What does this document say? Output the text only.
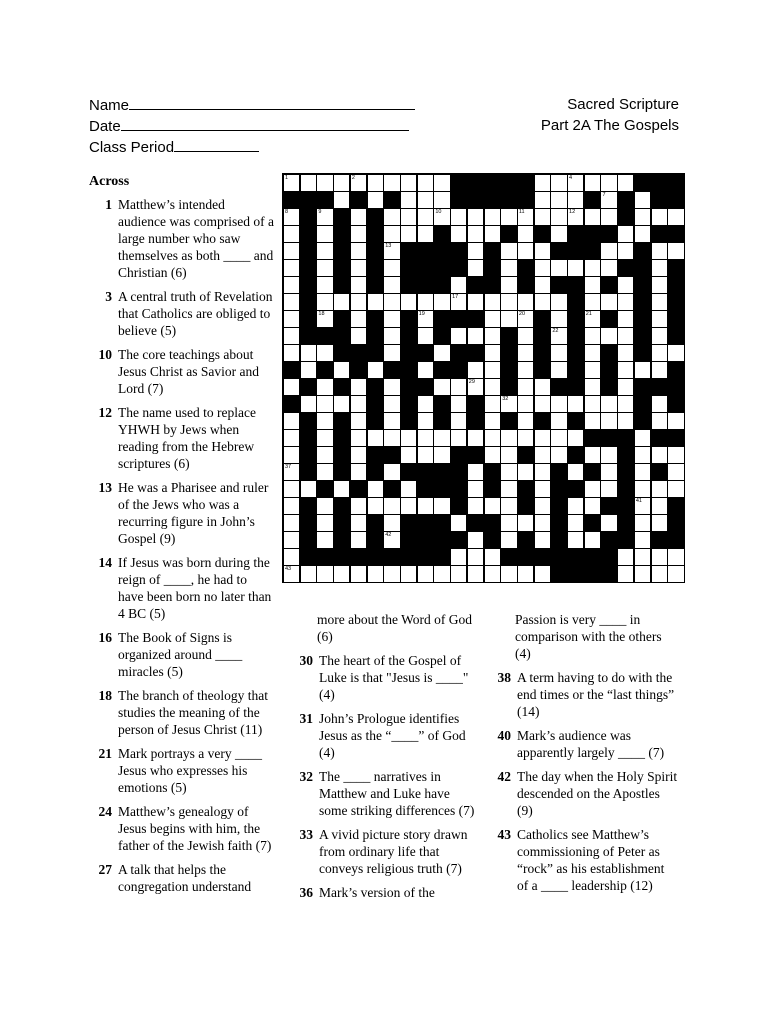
Name
Date
Class Period
Sacred Scripture
Part 2A The Gospels
Across
1 Matthew’s intended audience was comprised of a large number who saw themselves as both ____ and Christian (6)
3 A central truth of Revelation that Catholics are obliged to believe (5)
10 The core teachings about Jesus Christ as Savior and Lord (7)
12 The name used to replace YHWH by Jews when reading from the Hebrew scriptures (6)
13 He was a Pharisee and ruler of the Jews who was a recurring figure in John’s Gospel (9)
14 If Jesus was born during the reign of ____, he had to have been born no later than 4 BC (5)
16 The Book of Signs is organized around ____ miracles (5)
18 The branch of theology that studies the meaning of the person of Jesus Christ (11)
21 Mark portrays a very ____ Jesus who expresses his emotions (5)
24 Matthew’s genealogy of Jesus begins with him, the father of the Jewish faith (7)
27 A talk that helps the congregation understand
more about the Word of God (6)
30 The heart of the Gospel of Luke is that "Jesus is ____" (4)
31 John’s Prologue identifies Jesus as the “____” of God (4)
32 The ____ narratives in Matthew and Luke have some striking differences (7)
33 A vivid picture story drawn from ordinary life that conveys religious truth (7)
36 Mark’s version of the
Passion is very ____ in comparison with the others (4)
38 A term having to do with the end times or the “last things” (14)
40 Mark’s audience was apparently largely ____ (7)
42 The day when the Holy Spirit descended on the Apostles (9)
43 Catholics see Matthew’s commissioning of Peter as “rock” as his establishment of a ____ leadership (12)
1	2	4
7
8	9	10	11	12
13
17
18	19	20	21
22
29
32
37
41
42
43
